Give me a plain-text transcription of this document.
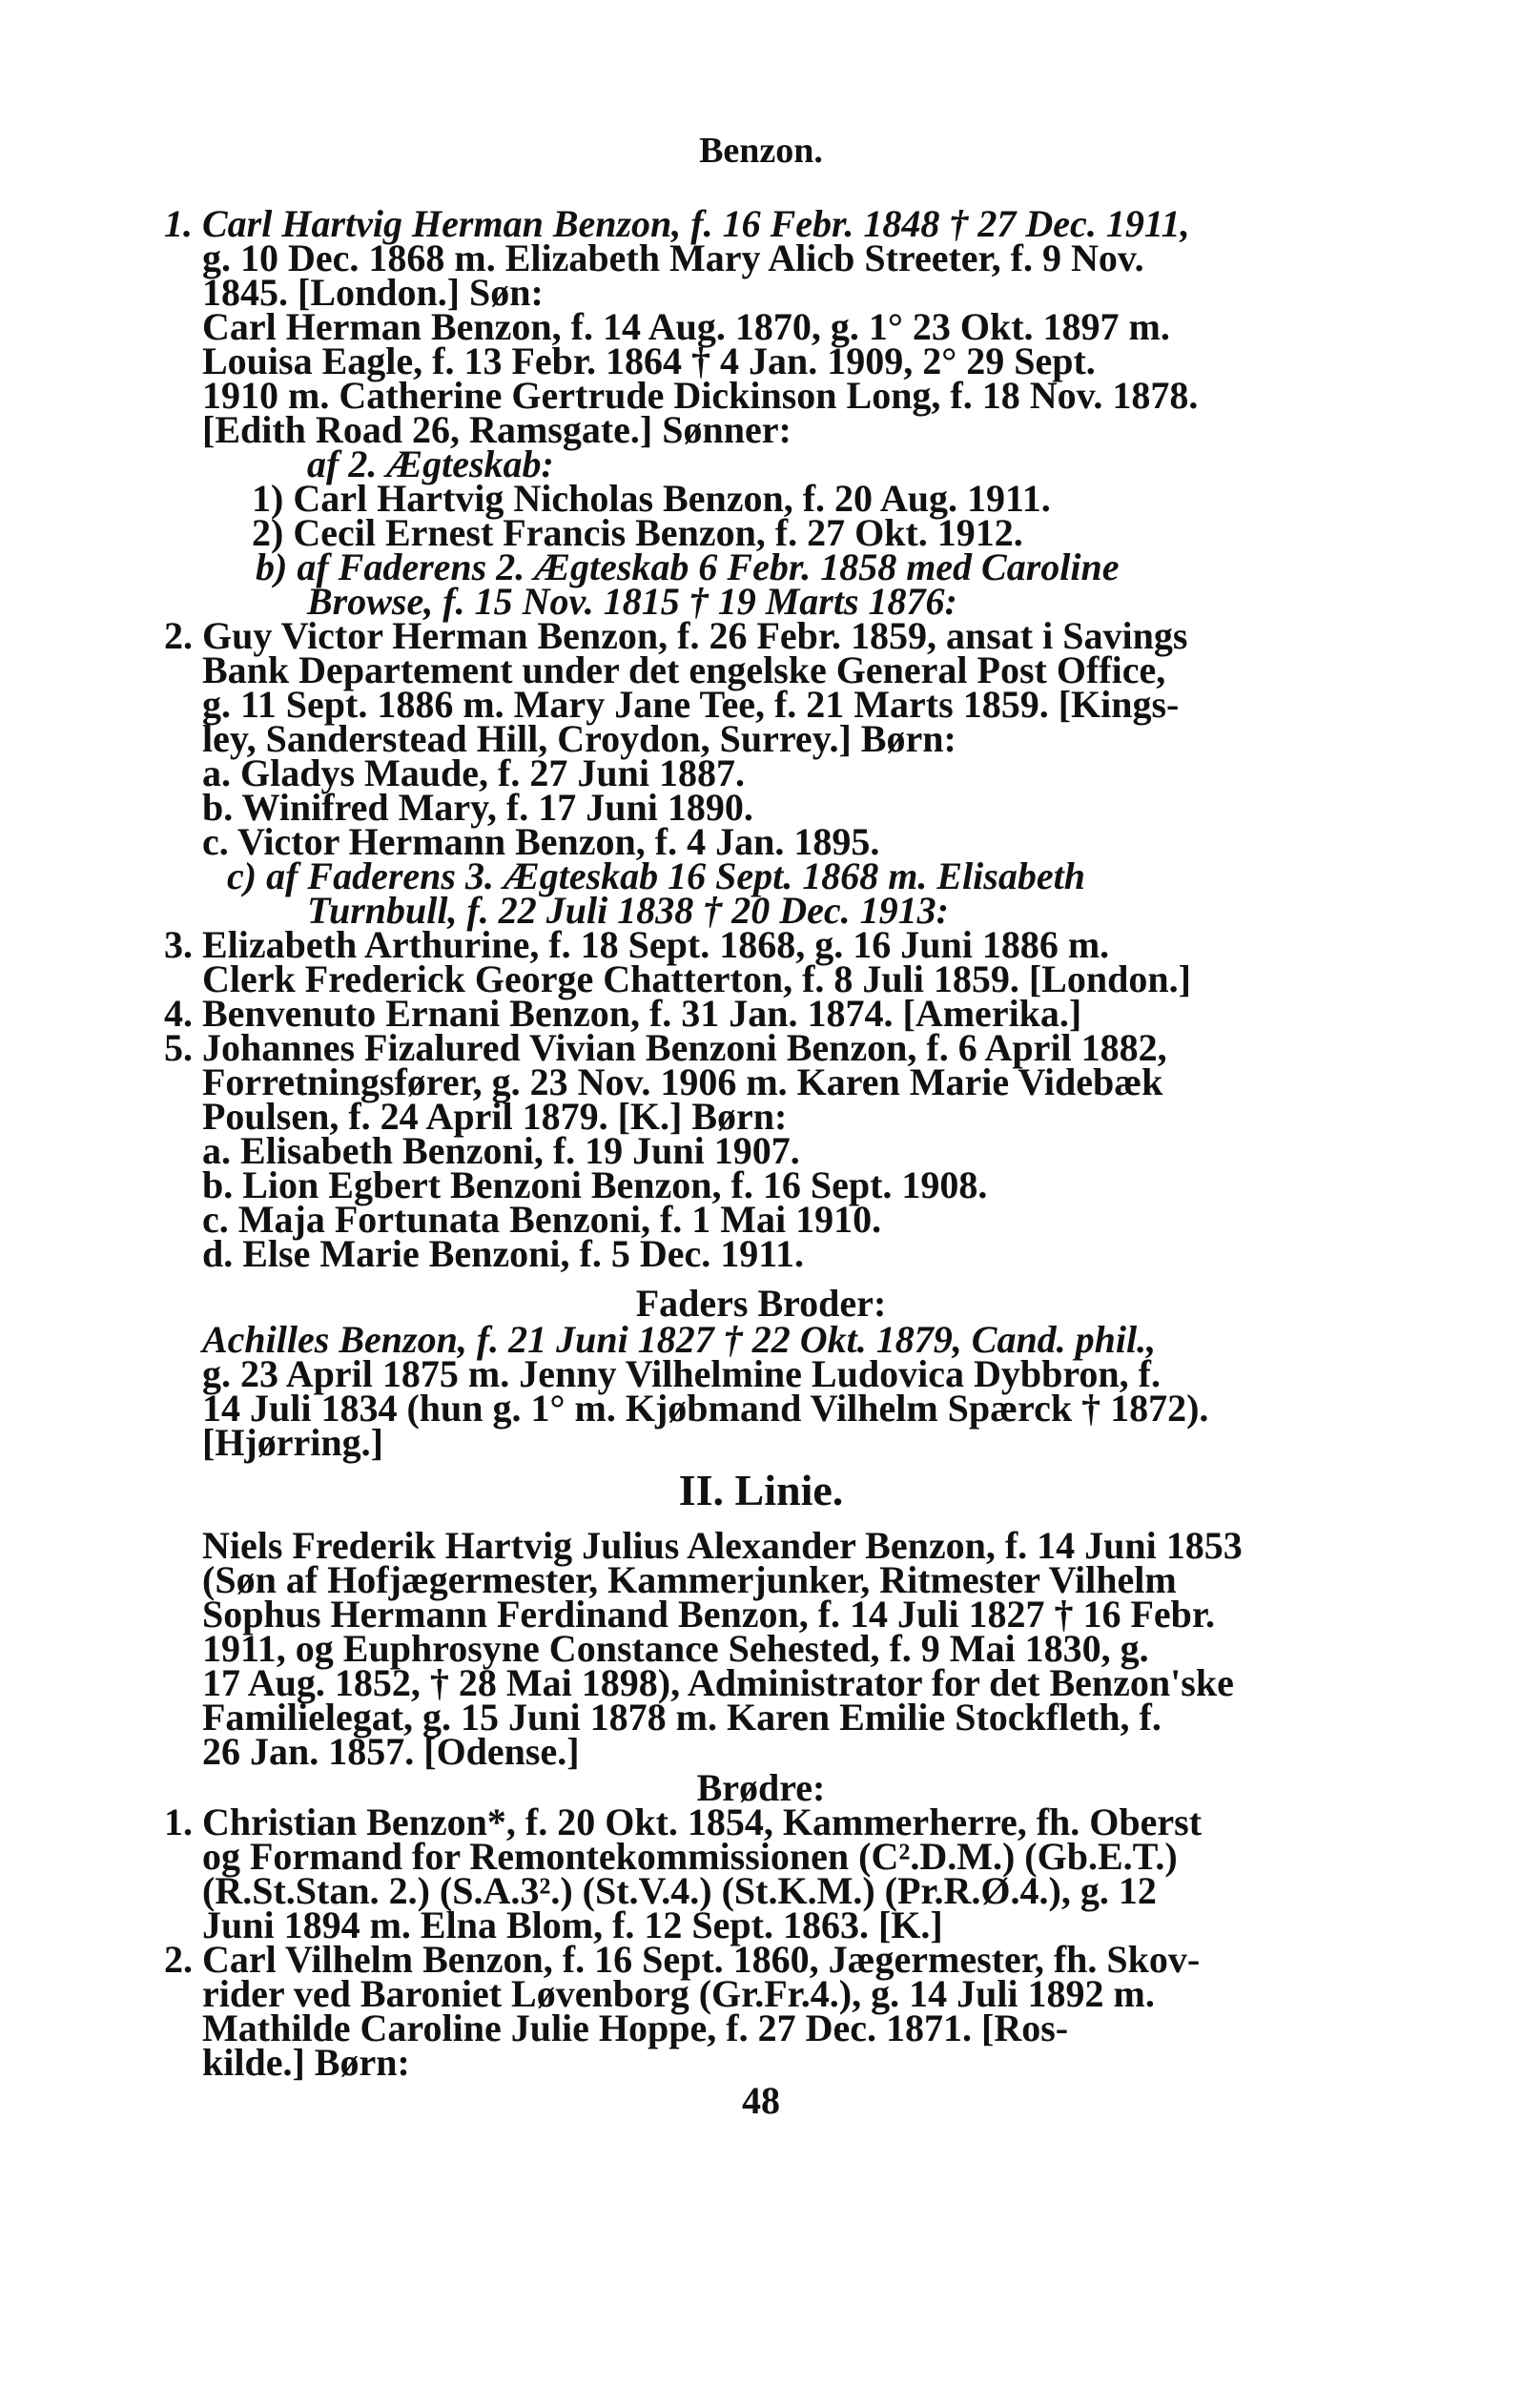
Benzon.
1. Carl Hartvig Herman Benzon, f. 16 Febr. 1848 † 27 Dec. 1911,
g. 10 Dec. 1868 m. Elizabeth Mary Alicb Streeter, f. 9 Nov.
1845. [London.] Søn:
Carl Herman Benzon, f. 14 Aug. 1870, g. 1° 23 Okt. 1897 m.
Louisa Eagle, f. 13 Febr. 1864 † 4 Jan. 1909, 2° 29 Sept.
1910 m. Catherine Gertrude Dickinson Long, f. 18 Nov. 1878.
[Edith Road 26, Ramsgate.] Sønner:
af 2. Ægteskab:
1) Carl Hartvig Nicholas Benzon, f. 20 Aug. 1911.
2) Cecil Ernest Francis Benzon, f. 27 Okt. 1912.
b) af Faderens 2. Ægteskab 6 Febr. 1858 med Caroline
Browse, f. 15 Nov. 1815 † 19 Marts 1876:
2. Guy Victor Herman Benzon, f. 26 Febr. 1859, ansat i Savings
Bank Departement under det engelske General Post Office,
g. 11 Sept. 1886 m. Mary Jane Tee, f. 21 Marts 1859. [Kings-
ley, Sanderstead Hill, Croydon, Surrey.] Børn:
a. Gladys Maude, f. 27 Juni 1887.
b. Winifred Mary, f. 17 Juni 1890.
c. Victor Hermann Benzon, f. 4 Jan. 1895.
c) af Faderens 3. Ægteskab 16 Sept. 1868 m. Elisabeth
Turnbull, f. 22 Juli 1838 † 20 Dec. 1913:
3. Elizabeth Arthurine, f. 18 Sept. 1868, g. 16 Juni 1886 m.
Clerk Frederick George Chatterton, f. 8 Juli 1859. [London.]
4. Benvenuto Ernani Benzon, f. 31 Jan. 1874. [Amerika.]
5. Johannes Fizalured Vivian Benzoni Benzon, f. 6 April 1882,
Forretningsfører, g. 23 Nov. 1906 m. Karen Marie Videbæk
Poulsen, f. 24 April 1879. [K.] Børn:
a. Elisabeth Benzoni, f. 19 Juni 1907.
b. Lion Egbert Benzoni Benzon, f. 16 Sept. 1908.
c. Maja Fortunata Benzoni, f. 1 Mai 1910.
d. Else Marie Benzoni, f. 5 Dec. 1911.
Faders Broder:
Achilles Benzon, f. 21 Juni 1827 † 22 Okt. 1879, Cand. phil.,
g. 23 April 1875 m. Jenny Vilhelmine Ludovica Dybbron, f.
14 Juli 1834 (hun g. 1° m. Kjøbmand Vilhelm Spærck † 1872).
[Hjørring.]
II. Linie.
Niels Frederik Hartvig Julius Alexander Benzon, f. 14 Juni 1853
(Søn af Hofjægermester, Kammerjunker, Ritmester Vilhelm
Sophus Hermann Ferdinand Benzon, f. 14 Juli 1827 † 16 Febr.
1911, og Euphrosyne Constance Sehested, f. 9 Mai 1830, g.
17 Aug. 1852, † 28 Mai 1898), Administrator for det Benzon'ske
Familielegat, g. 15 Juni 1878 m. Karen Emilie Stockfleth, f.
26 Jan. 1857. [Odense.]
Brødre:
1. Christian Benzon*, f. 20 Okt. 1854, Kammerherre, fh. Oberst
og Formand for Remontekommissionen (C².D.M.) (Gb.E.T.)
(R.St.Stan. 2.) (S.A.3².) (St.V.4.) (St.K.M.) (Pr.R.Ø.4.), g. 12
Juni 1894 m. Elna Blom, f. 12 Sept. 1863. [K.]
2. Carl Vilhelm Benzon, f. 16 Sept. 1860, Jægermester, fh. Skov-
rider ved Baroniet Løvenborg (Gr.Fr.4.), g. 14 Juli 1892 m.
Mathilde Caroline Julie Hoppe, f. 27 Dec. 1871. [Ros-
kilde.] Børn:
48
